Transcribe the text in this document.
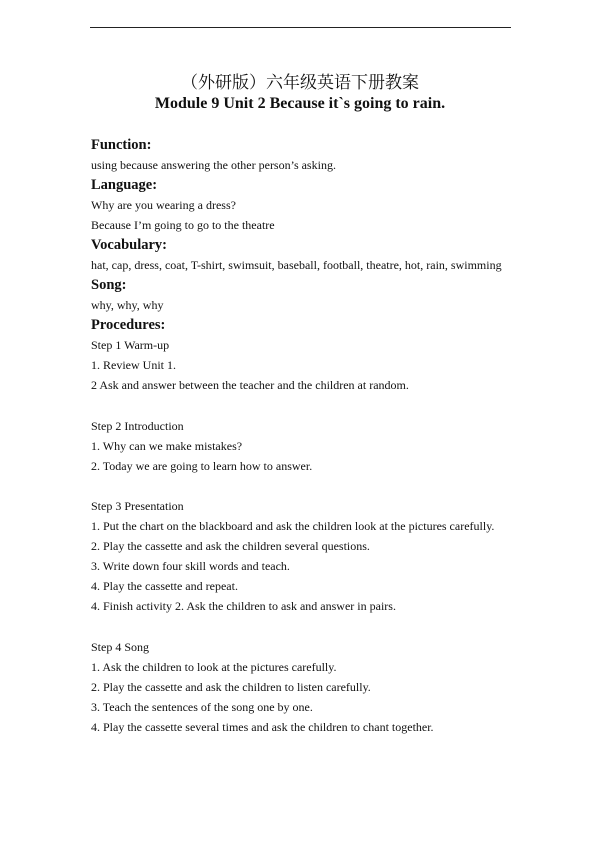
（外研版）六年级英语下册教案
Module 9 Unit 2 Because it`s going to rain.
Function:
using because answering the other person’s asking.
Language:
Why are you wearing a dress?
Because I’m going to go to the theatre
Vocabulary:
hat, cap, dress, coat, T-shirt, swimsuit, baseball, football, theatre, hot, rain, swimming
Song:
why, why, why
Procedures:
Step 1 Warm-up
1. Review Unit 1.
2 Ask and answer between the teacher and the children at random.
Step 2 Introduction
1. Why can we make mistakes?
2. Today we are going to learn how to answer.
Step 3 Presentation
1. Put the chart on the blackboard and ask the children look at the pictures carefully.
2. Play the cassette and ask the children several questions.
3. Write down four skill words and teach.
4. Play the cassette and repeat.
4. Finish activity 2. Ask the children to ask and answer in pairs.
Step 4 Song
1. Ask the children to look at the pictures carefully.
2. Play the cassette and ask the children to listen carefully.
3. Teach the sentences of the song one by one.
4. Play the cassette several times and ask the children to chant together.
